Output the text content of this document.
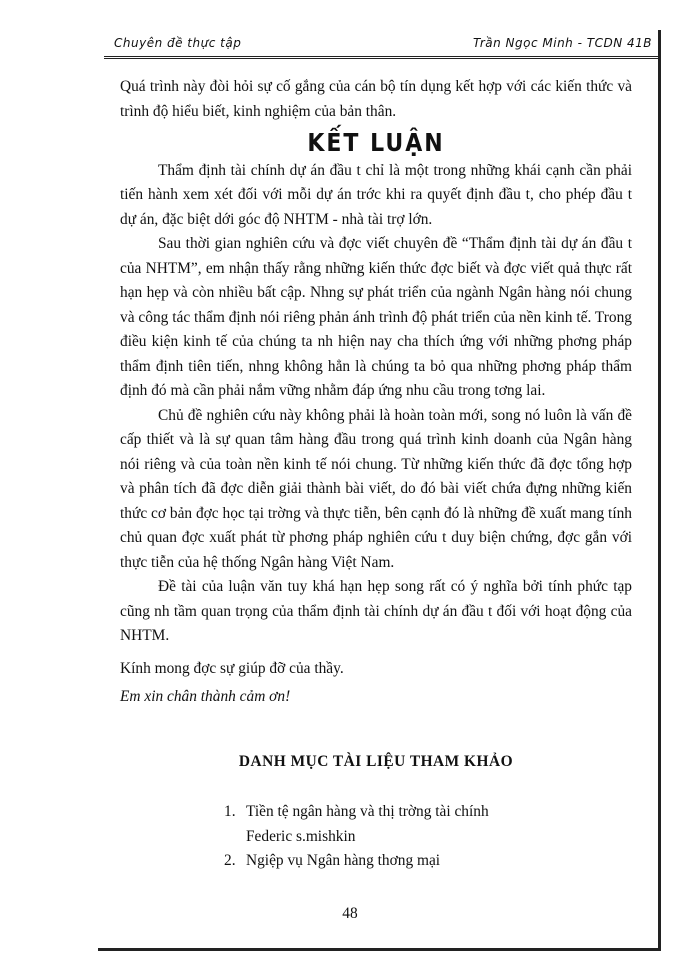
Chuyên đề thực tập	Trần Ngọc Minh - TCDN 41B

Quá trình này đòi hỏi sự cố gắng của cán bộ tín dụng kết hợp với các kiến thức và trình độ hiểu biết, kinh nghiệm của bản thân.

KẾT LUẬN

Thẩm định tài chính dự án đầu t chỉ là một trong những khái cạnh cần phải tiến hành xem xét đối với mỗi dự án trớc khi ra quyết định đầu t, cho phép đầu t dự án, đặc biệt dới góc độ NHTM - nhà tài trợ lớn.

Sau thời gian nghiên cứu và đợc viết chuyên đề “Thẩm định tài dự án đầu t của NHTM”, em nhận thấy rằng những kiến thức đợc biết và đợc viết quả thực rất hạn hẹp và còn nhiều bất cập. Nhng sự phát triển của ngành Ngân hàng nói chung và công tác thẩm định nói riêng phản ánh trình độ phát triển của nền kinh tế. Trong điều kiện kinh tế của chúng ta nh hiện nay cha thích ứng với những phơng pháp thẩm định tiên tiến, nhng không hẳn là chúng ta bỏ qua những phơng pháp thẩm định đó mà cần phải nắm vững nhằm đáp ứng nhu cầu trong tơng lai.

Chủ đề nghiên cứu này không phải là hoàn toàn mới, song nó luôn là vấn đề cấp thiết và là sự quan tâm hàng đầu trong quá trình kinh doanh của Ngân hàng nói riêng và của toàn nền kinh tế nói chung. Từ những kiến thức đã đợc tổng hợp và phân tích đã đợc diễn giải thành bài viết, do đó bài viết chứa đựng những kiến thức cơ bản đợc học tại trờng và thực tiễn, bên cạnh đó là những đề xuất mang tính chủ quan đợc xuất phát từ phơng pháp nghiên cứu t duy biện chứng, đợc gắn với thực tiễn của hệ thống Ngân hàng Việt Nam.

Đề tài của luận văn tuy khá hạn hẹp song rất có ý nghĩa bởi tính phức tạp cũng nh tầm quan trọng của thẩm định tài chính dự án đầu t đối với hoạt động của NHTM.

Kính mong đợc sự giúp đỡ của thầy.

Em xin chân thành cảm ơn!

DANH MỤC TÀI LIỆU THAM KHẢO
1. Tiền tệ ngân hàng và thị trờng tài chính
Federic s.mishkin
2. Ngiệp vụ Ngân hàng thơng mại
48
